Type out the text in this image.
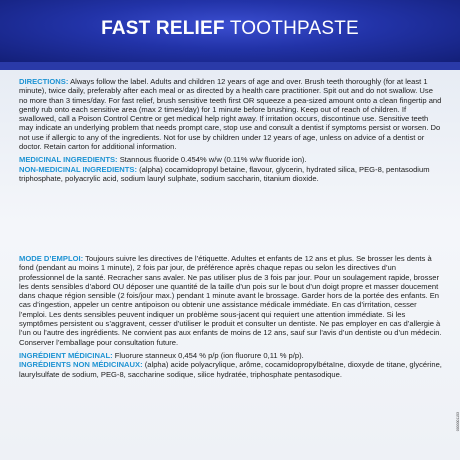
FAST RELIEF TOOTHPASTE

DIRECTIONS: Always follow the label. Adults and children 12 years of age and over. Brush teeth thoroughly (for at least 1 minute), twice daily, preferably after each meal or as directed by a health care practitioner. Spit out and do not swallow. Use no more than 3 times/day. For fast relief, brush sensitive teeth first OR squeeze a pea-sized amount onto a clean fingertip and gently rub onto each sensitive area (max 2 times/day) for 1 minute before brushing. Keep out of reach of children. If swallowed, call a Poison Control Centre or get medical help right away. If irritation occurs, discontinue use. Sensitive teeth may indicate an underlying problem that needs prompt care, stop use and consult a dentist if symptoms persist or worsen. Do not use if allergic to any of the ingredients. Not for use by children under 12 years of age, unless on advice of a dentist or doctor. Retain carton for additional information.

MEDICINAL INGREDIENTS: Stannous fluoride 0.454% w/w (0.11% w/w fluoride ion).

NON-MEDICINAL INGREDIENTS: (alpha) cocamidopropyl betaine, flavour, glycerin, hydrated silica, PEG-8, pentasodium triphosphate, polyacrylic acid, sodium lauryl sulphate, sodium saccharin, titanium dioxide.

MODE D’EMPLOI: Toujours suivre les directives de l’étiquette. Adultes et enfants de 12 ans et plus. Se brosser les dents à fond (pendant au moins 1 minute), 2 fois par jour, de préférence après chaque repas ou selon les directives d’un professionnel de la santé. Recracher sans avaler. Ne pas utiliser plus de 3 fois par jour. Pour un soulagement rapide, brosser les dents sensibles d’abord OU déposer une quantité de la taille d’un pois sur le bout d’un doigt propre et masser doucement dans chaque région sensible (2 fois/jour max.) pendant 1 minute avant le brossage. Garder hors de la portée des enfants. En cas d’ingestion, appeler un centre antipoison ou obtenir une assistance médicale immédiate. En cas d’irritation, cesser l’emploi. Les dents sensibles peuvent indiquer un problème sous-jacent qui requiert une attention immédiate. Si les symptômes persistent ou s’aggravent, cesser d’utiliser le produit et consulter un dentiste. Ne pas employer en cas d’allergie à l’un ou l’autre des ingrédients. Ne convient pas aux enfants de moins de 12 ans, sauf sur l’avis d’un dentiste ou d’un médecin. Conserver l’emballage pour consultation future.

INGRÉDIENT MÉDICINAL: Fluorure stanneux 0,454 % p/p (ion fluorure 0,11 % p/p).

INGRÉDIENTS NON MÉDICINAUX: (alpha) acide polyacrylique, arôme, cocamidopropylbétaïne, dioxyde de titane, glycérine, laurylsulfate de sodium, PEG-8, saccharine sodique, silice hydratée, triphosphate pentasodique.

0000001153
